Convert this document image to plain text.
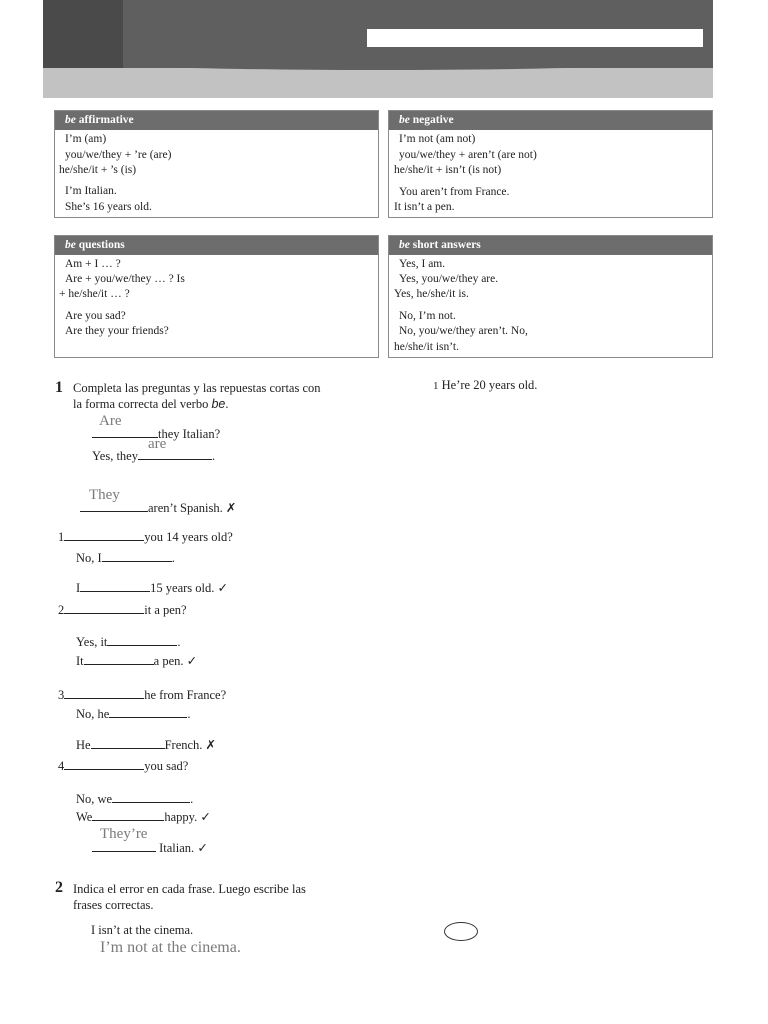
be affirmative
I’m (am)
you/we/they + ’re (are)
he/she/it + ’s (is)
I’m Italian.
She’s 16 years old.
be negative
I’m not (am not)
you/we/they + aren’t (are not)
he/she/it + isn’t (is not)
You aren’t from France.
It isn’t a pen.
be questions
Am + I … ?
Are + you/we/they … ? Is
+ he/she/it … ?
Are you sad?
Are they your friends?
be short answers
Yes, I am.
Yes, you/we/they are.
Yes, he/she/it is.
No, I’m not.
No, you/we/they aren’t. No,
he/she/it isn’t.
1 Completa las preguntas y las repuestas cortas con
la forma correcta del verbo be.
Are
they Italian?
are
Yes, they	.
They
aren’t Spanish. ✗
1	you 14 years old?
No, I	.
I	15 years old. ✓
2	it a pen?
Yes, it	.
It	a pen. ✓
3	he from France?
No, he	.
He	French. ✗
4	you sad?
No, we	.
We	happy. ✓
They’re
Italian. ✓
1 He’re 20 years old.
2 Indica el error en cada frase. Luego escribe las
frases correctas.
I isn’t at the cinema.
I’m not at the cinema.
